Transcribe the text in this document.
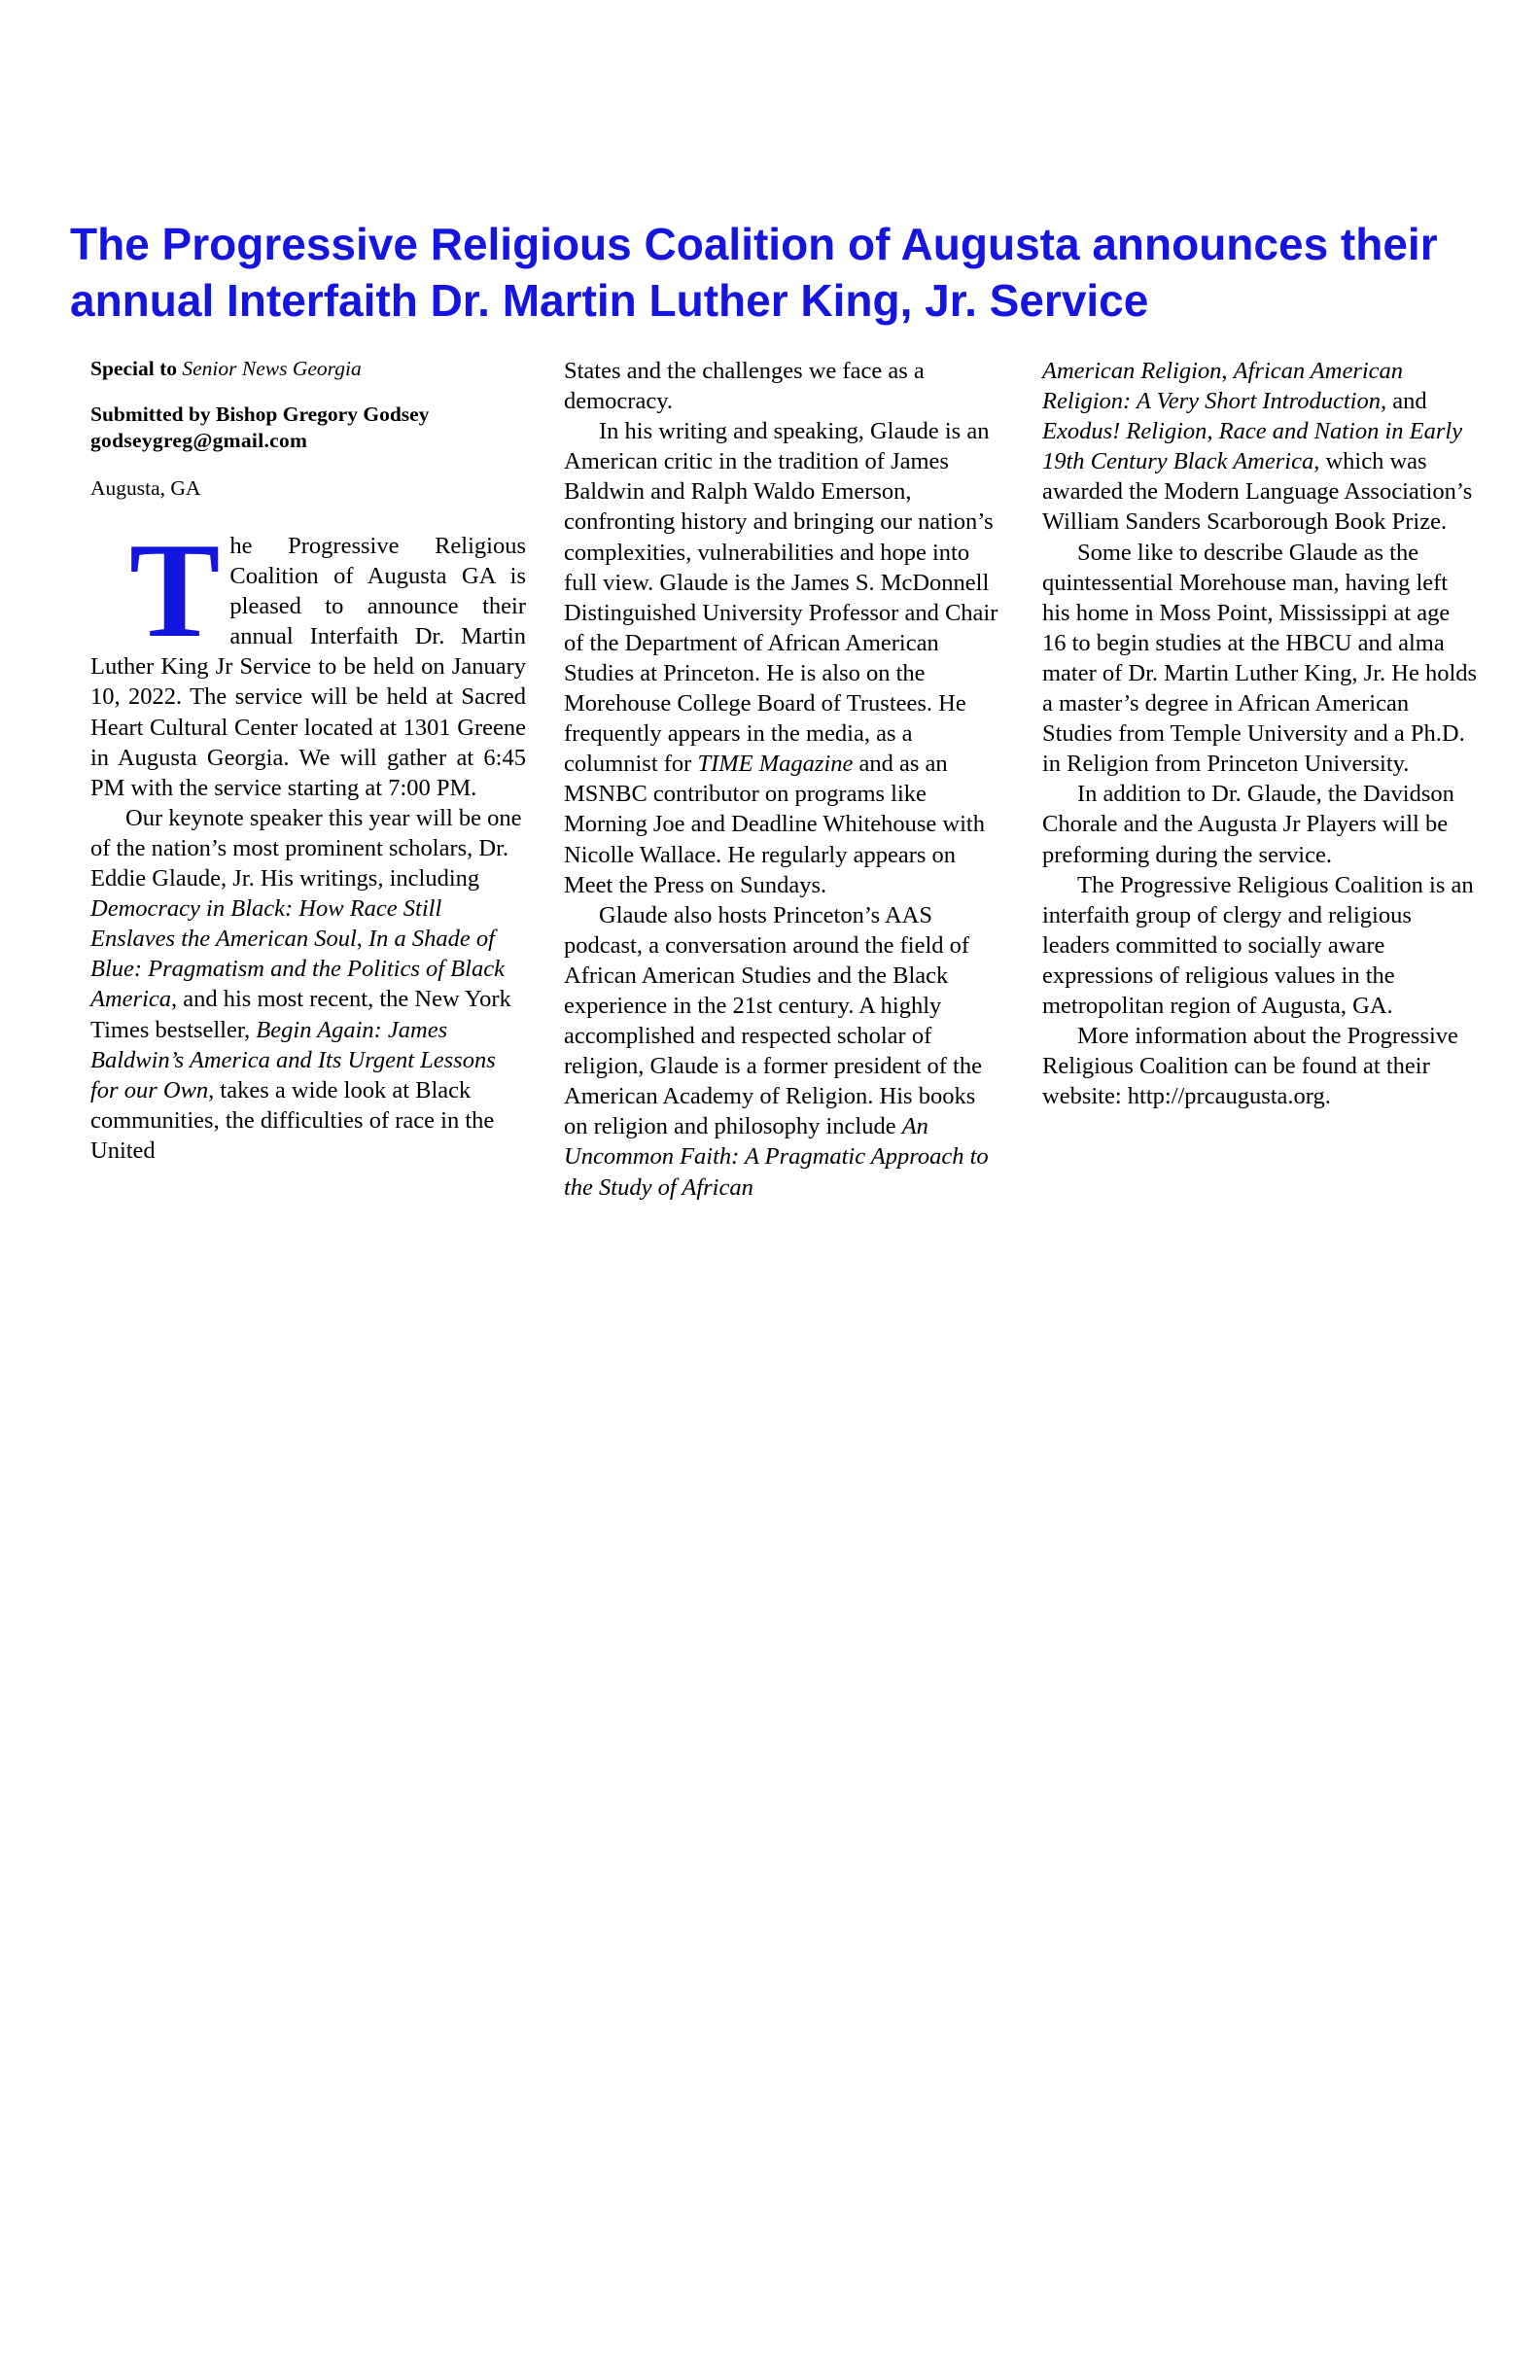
The Progressive Religious Coalition of Augusta announces their annual Interfaith Dr. Martin Luther King, Jr. Service

Special to Senior News Georgia

Submitted by Bishop Gregory Godsey
godseygreg@gmail.com

Augusta, GA

The Progressive Religious Coalition of Augusta GA is pleased to announce their annual Interfaith Dr. Martin Luther King Jr Service to be held on January 10, 2022. The service will be held at Sacred Heart Cultural Center located at 1301 Greene in Augusta Georgia. We will gather at 6:45 PM with the service starting at 7:00 PM.

Our keynote speaker this year will be one of the nation’s most prominent scholars, Dr. Eddie Glaude, Jr. His writings, including Democracy in Black: How Race Still Enslaves the American Soul, In a Shade of Blue: Pragmatism and the Politics of Black America, and his most recent, the New York Times bestseller, Begin Again: James Baldwin’s America and Its Urgent Lessons for our Own, takes a wide look at Black communities, the difficulties of race in the United

States and the challenges we face as a democracy.

In his writing and speaking, Glaude is an American critic in the tradition of James Baldwin and Ralph Waldo Emerson, confronting history and bringing our nation’s complexities, vulnerabilities and hope into full view. Glaude is the James S. McDonnell Distinguished University Professor and Chair of the Department of African American Studies at Princeton. He is also on the Morehouse College Board of Trustees. He frequently appears in the media, as a columnist for TIME Magazine and as an MSNBC contributor on programs like Morning Joe and Deadline Whitehouse with Nicolle Wallace. He regularly appears on Meet the Press on Sundays.

Glaude also hosts Princeton’s AAS podcast, a conversation around the field of African American Studies and the Black experience in the 21st century. A highly accomplished and respected scholar of religion, Glaude is a former president of the American Academy of Religion. His books on religion and philosophy include An Uncommon Faith: A Pragmatic Approach to the Study of African

American Religion, African American Religion: A Very Short Introduction, and Exodus! Religion, Race and Nation in Early 19th Century Black America, which was awarded the Modern Language Association’s William Sanders Scarborough Book Prize.

Some like to describe Glaude as the quintessential Morehouse man, having left his home in Moss Point, Mississippi at age 16 to begin studies at the HBCU and alma mater of Dr. Martin Luther King, Jr. He holds a master’s degree in African American Studies from Temple University and a Ph.D. in Religion from Princeton University.

In addition to Dr. Glaude, the Davidson Chorale and the Augusta Jr Players will be preforming during the service.

The Progressive Religious Coalition is an interfaith group of clergy and religious leaders committed to socially aware expressions of religious values in the metropolitan region of Augusta, GA.

More information about the Progressive Religious Coalition can be found at their website: http://prcaugusta.org.
